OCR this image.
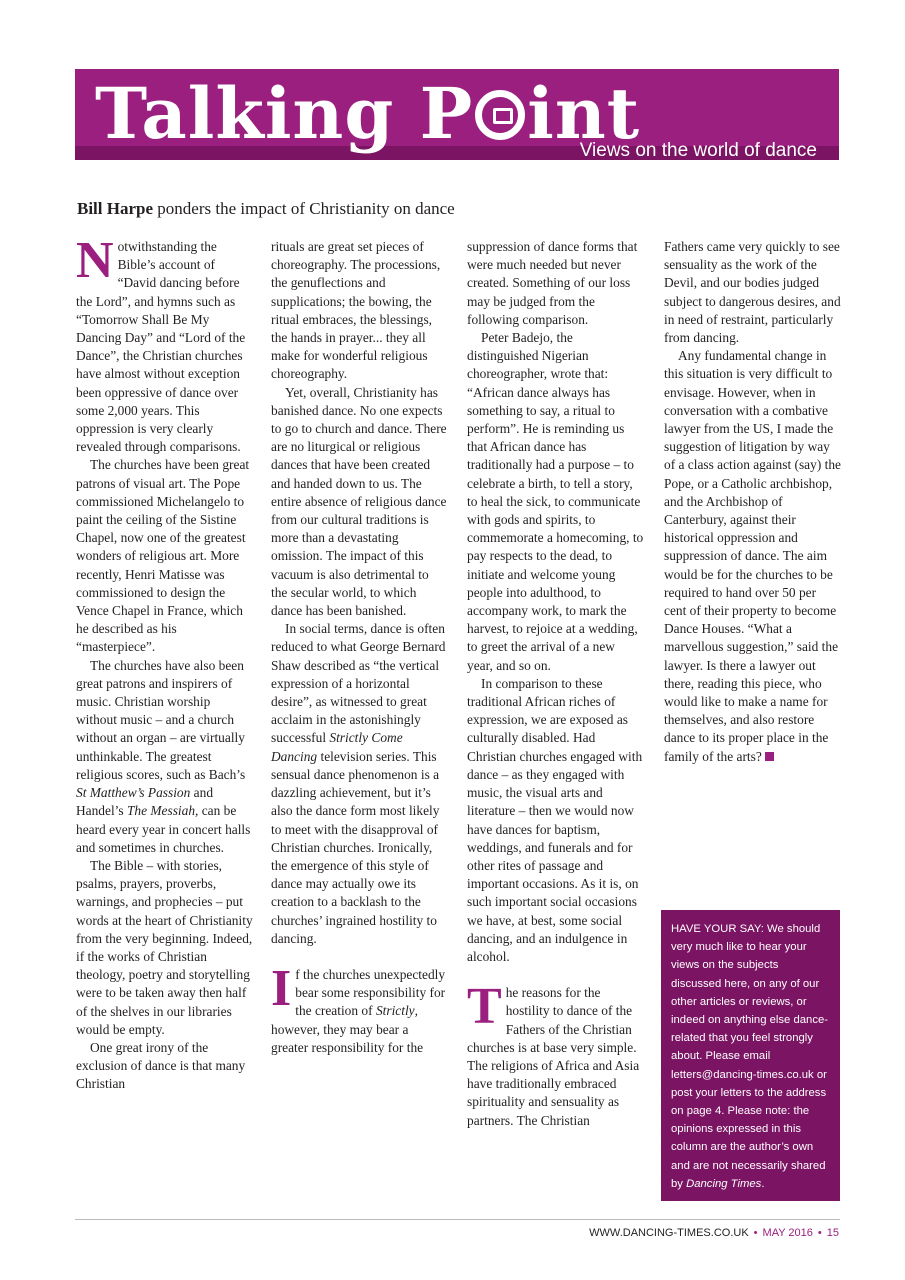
Talking P int
Views on the world of dance
Bill Harpe ponders the impact of Christianity on dance

Notwithstanding the Bible’s account of “David dancing before the Lord”, and hymns such as “Tomorrow Shall Be My Dancing Day” and “Lord of the Dance”, the Christian churches have almost without exception been oppressive of dance over some 2,000 years. This oppression is very clearly revealed through comparisons.

The churches have been great patrons of visual art. The Pope commissioned Michelangelo to paint the ceiling of the Sistine Chapel, now one of the greatest wonders of religious art. More recently, Henri Matisse was commissioned to design the Vence Chapel in France, which he described as his “masterpiece”.

The churches have also been great patrons and inspirers of music. Christian worship without music – and a church without an organ – are virtually unthinkable. The greatest religious scores, such as Bach’s St Matthew’s Passion and Handel’s The Messiah, can be heard every year in concert halls and sometimes in churches.

The Bible – with stories, psalms, prayers, proverbs, warnings, and prophecies – put words at the heart of Christianity from the very beginning. Indeed, if the works of Christian theology, poetry and storytelling were to be taken away then half of the shelves in our libraries would be empty.

One great irony of the exclusion of dance is that many Christian

rituals are great set pieces of choreography. The processions, the genuflections and supplications; the bowing, the ritual embraces, the blessings, the hands in prayer... they all make for wonderful religious choreography.

Yet, overall, Christianity has banished dance. No one expects to go to church and dance. There are no liturgical or religious dances that have been created and handed down to us. The entire absence of religious dance from our cultural traditions is more than a devastating omission. The impact of this vacuum is also detrimental to the secular world, to which dance has been banished.

In social terms, dance is often reduced to what George Bernard Shaw described as “the vertical expression of a horizontal desire”, as witnessed to great acclaim in the astonishingly successful Strictly Come Dancing television series. This sensual dance phenomenon is a dazzling achievement, but it’s also the dance form most likely to meet with the disapproval of Christian churches. Ironically, the emergence of this style of dance may actually owe its creation to a backlash to the churches’ ingrained hostility to dancing.

If the churches unexpectedly bear some responsibility for the creation of Strictly, however, they may bear a greater responsibility for the

suppression of dance forms that were much needed but never created. Something of our loss may be judged from the following comparison.

Peter Badejo, the distinguished Nigerian choreographer, wrote that: “African dance always has something to say, a ritual to perform”. He is reminding us that African dance has traditionally had a purpose – to celebrate a birth, to tell a story, to heal the sick, to communicate with gods and spirits, to commemorate a homecoming, to pay respects to the dead, to initiate and welcome young people into adulthood, to accompany work, to mark the harvest, to rejoice at a wedding, to greet the arrival of a new year, and so on.

In comparison to these traditional African riches of expression, we are exposed as culturally disabled. Had Christian churches engaged with dance – as they engaged with music, the visual arts and literature – then we would now have dances for baptism, weddings, and funerals and for other rites of passage and important occasions. As it is, on such important social occasions we have, at best, some social dancing, and an indulgence in alcohol.

The reasons for the hostility to dance of the Fathers of the Christian churches is at base very simple. The religions of Africa and Asia have traditionally embraced spirituality and sensuality as partners. The Christian

Fathers came very quickly to see sensuality as the work of the Devil, and our bodies judged subject to dangerous desires, and in need of restraint, particularly from dancing.

Any fundamental change in this situation is very difficult to envisage. However, when in conversation with a combative lawyer from the US, I made the suggestion of litigation by way of a class action against (say) the Pope, or a Catholic archbishop, and the Archbishop of Canterbury, against their historical oppression and suppression of dance. The aim would be for the churches to be required to hand over 50 per cent of their property to become Dance Houses. “What a marvellous suggestion,” said the lawyer. Is there a lawyer out there, reading this piece, who would like to make a name for themselves, and also restore dance to its proper place in the family of the arts?

HAVE YOUR SAY: We should very much like to hear your views on the subjects discussed here, on any of our other articles or reviews, or indeed on anything else dance-related that you feel strongly about. Please email letters@dancing-times.co.uk or post your letters to the address on page 4. Please note: the opinions expressed in this column are the author’s own and are not necessarily shared by Dancing Times.
WWW.DANCING-TIMES.CO.UK • MAY 2016 • 15
